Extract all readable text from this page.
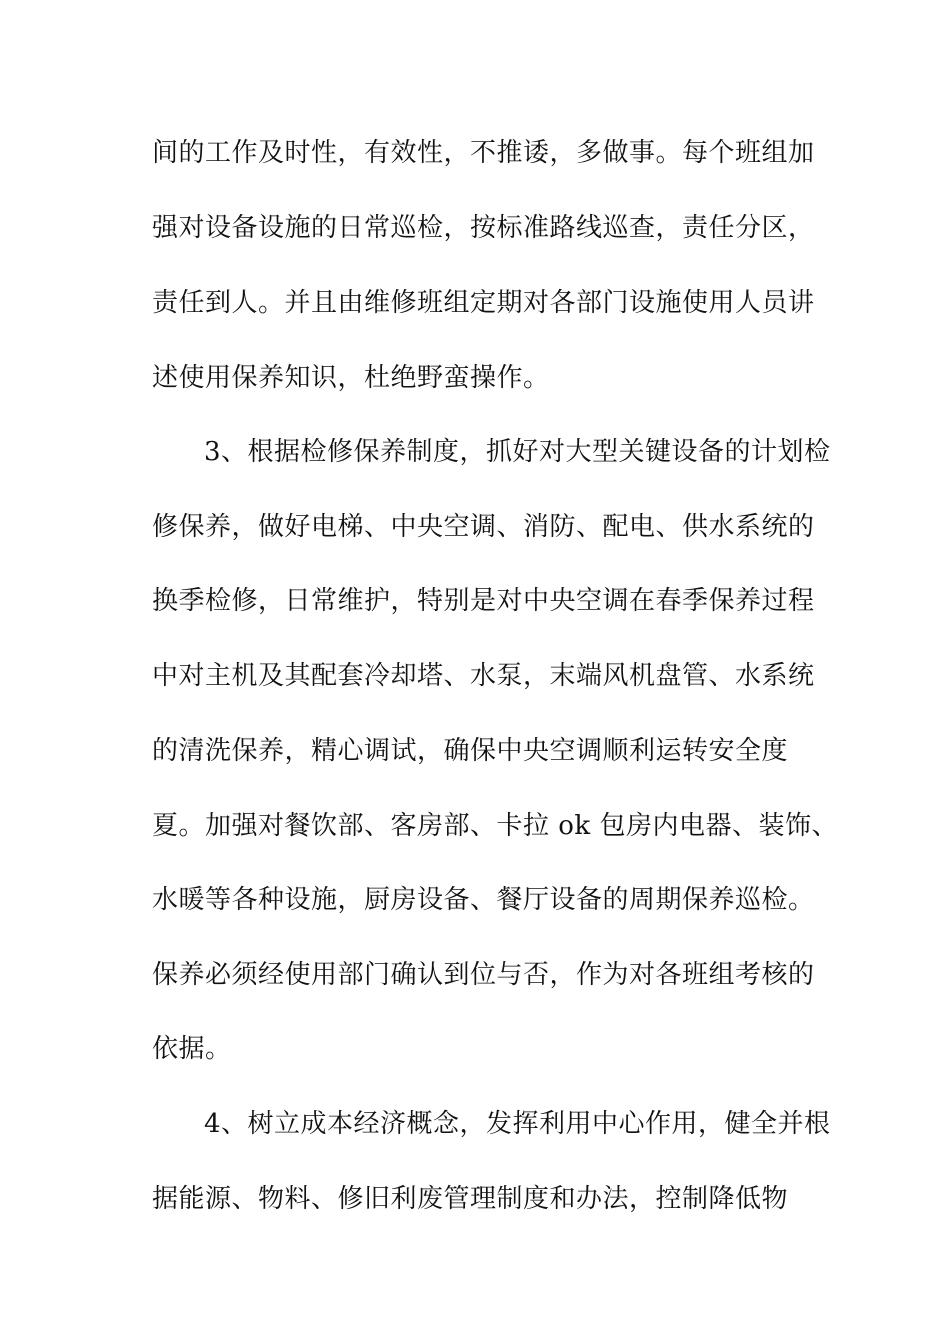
间的工作及时性，有效性，不推诿，多做事。每个班组加
强对设备设施的日常巡检，按标准路线巡查，责任分区，
责任到人。并且由维修班组定期对各部门设施使用人员讲
述使用保养知识，杜绝野蛮操作。
3、根据检修保养制度，抓好对大型关键设备的计划检
修保养，做好电梯、中央空调、消防、配电、供水系统的
换季检修，日常维护，特别是对中央空调在春季保养过程
中对主机及其配套冷却塔、水泵，末端风机盘管、水系统
的清洗保养，精心调试，确保中央空调顺利运转安全度
夏。加强对餐饮部、客房部、卡拉 ok 包房内电器、装饰、
水暖等各种设施，厨房设备、餐厅设备的周期保养巡检。
保养必须经使用部门确认到位与否，作为对各班组考核的
依据。
4、树立成本经济概念，发挥利用中心作用，健全并根
据能源、物料、修旧利废管理制度和办法，控制降低物
